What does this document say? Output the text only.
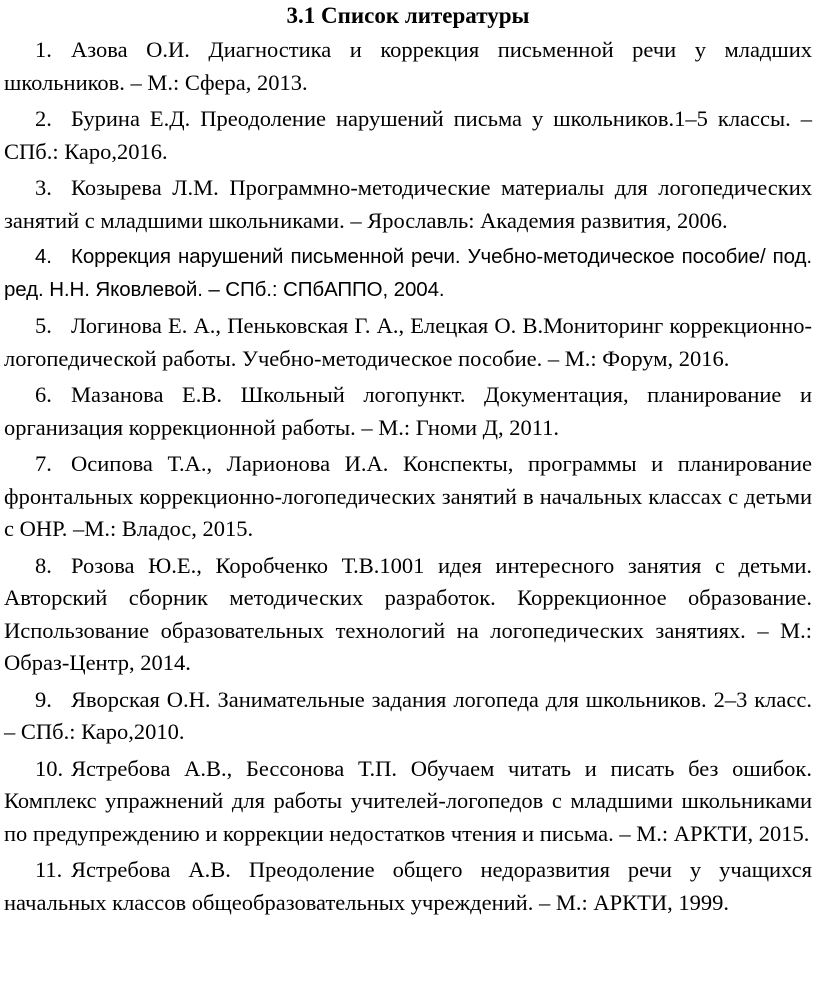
3.1 Список литературы
1. Азова О.И. Диагностика и коррекция письменной речи у младших школьников. – М.: Сфера, 2013.
2. Бурина Е.Д. Преодоление нарушений письма у школьников.1–5 классы. – СПб.: Каро,2016.
3. Козырева Л.М. Программно-методические материалы для логопедических занятий с младшими школьниками. – Ярославль: Академия развития, 2006.
4. Коррекция нарушений письменной речи. Учебно-методическое пособие/ под. ред. Н.Н. Яковлевой. – СПб.: СПбАППО, 2004.
5. Логинова Е. А., Пеньковская Г. А., Елецкая О. В.Мониторинг коррекционно-логопедической работы. Учебно-методическое пособие. – М.: Форум, 2016.
6. Мазанова Е.В. Школьный логопункт. Документация, планирование и организация коррекционной работы. – М.: Гноми Д, 2011.
7. Осипова Т.А., Ларионова И.А. Конспекты, программы и планирование фронтальных коррекционно-логопедических занятий в начальных классах с детьми с ОНР. –М.: Владос, 2015.
8. Розова Ю.Е., Коробченко Т.В.1001 идея интересного занятия с детьми. Авторский сборник методических разработок. Коррекционное образование. Использование образовательных технологий на логопедических занятиях. – М.: Образ-Центр, 2014.
9. Яворская О.Н. Занимательные задания логопеда для школьников. 2–3 класс. – СПб.: Каро,2010.
10. Ястребова А.В., Бессонова Т.П. Обучаем читать и писать без ошибок. Комплекс упражнений для работы учителей-логопедов с младшими школьниками по предупреждению и коррекции недостатков чтения и письма. – М.: АРКТИ, 2015.
11. Ястребова А.В. Преодоление общего недоразвития речи у учащихся начальных классов общеобразовательных учреждений. – М.: АРКТИ, 1999.
